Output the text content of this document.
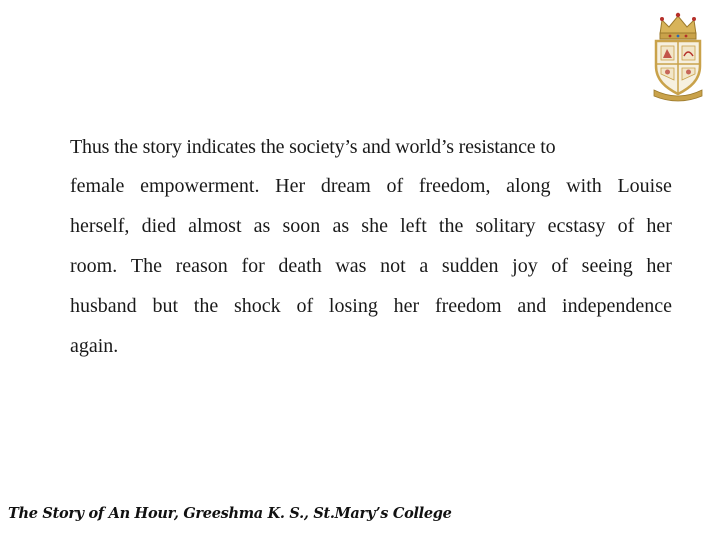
Thus the story indicates the society’s and world’s resistance to

female empowerment. Her dream of freedom, along with Louise

herself, died almost as soon as she left the solitary ecstasy of her

room. The reason for death was not a sudden joy of seeing her

husband but the shock of losing her freedom and independence

again.

The Story of An Hour, Greeshma K. S., St.Mary’s College
